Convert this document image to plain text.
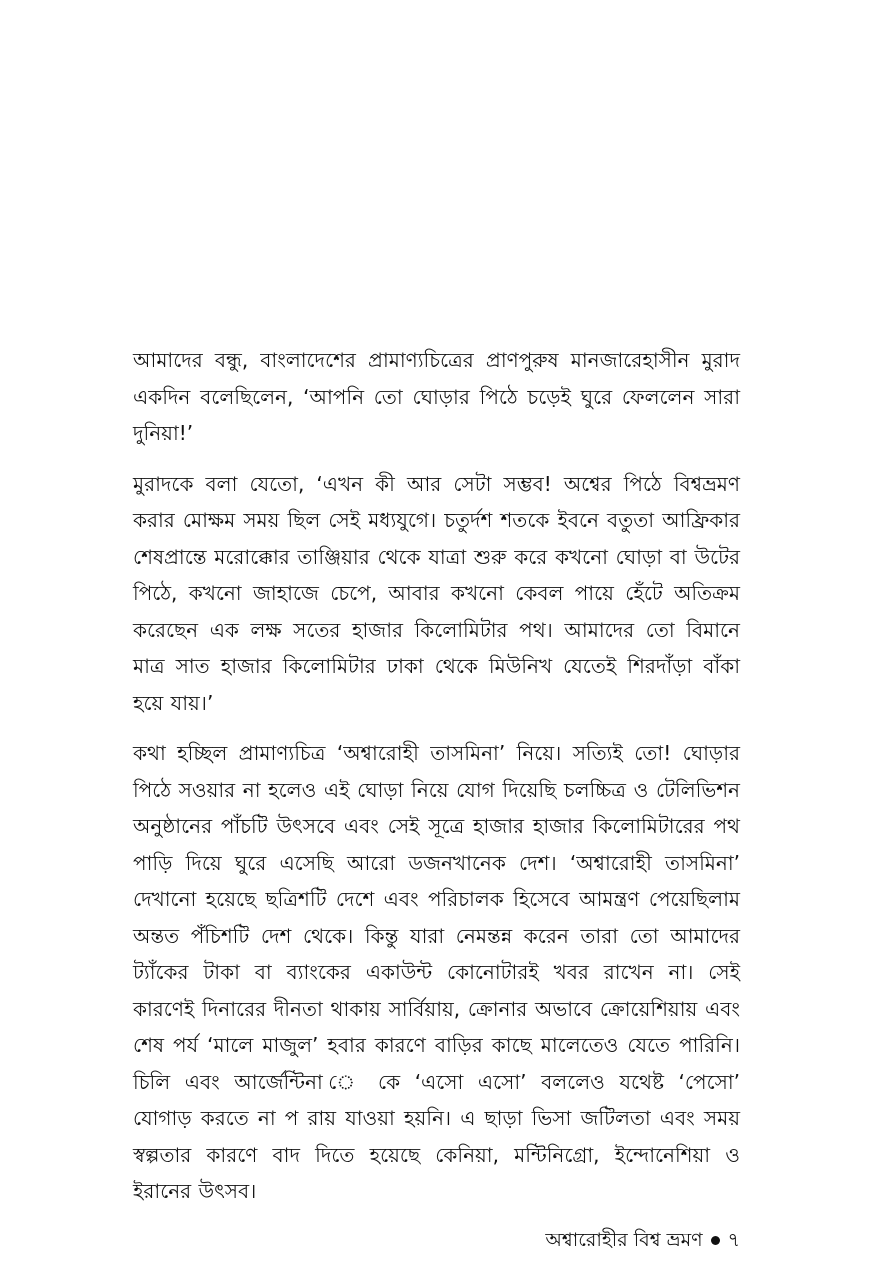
আমাদের বন্ধু, বাংলাদেশের প্রামাণ্যচিত্রের প্রাণপুরুষ মানজারেহাসীন মুরাদ একদিন বলেছিলেন, ‘আপনি তো ঘোড়ার পিঠে চড়েই ঘুরে ফেললেন সারা দুনিয়া!’

মুরাদকে বলা যেতো, ‘এখন কী আর সেটা সম্ভব! অশ্বের পিঠে বিশ্বভ্রমণ করার মোক্ষম সময় ছিল সেই মধ্যযুগে। চতুর্দশ শতকে ইবনে বতুতা আফ্রিকার শেষপ্রান্তে মরোক্কোর তাঞ্জিয়ার থেকে যাত্রা শুরু করে কখনো ঘোড়া বা উটের পিঠে, কখনো জাহাজে চেপে, আবার কখনো কেবল পায়ে হেঁটে অতিক্রম করেছেন এক লক্ষ সতের হাজার কিলোমিটার পথ। আমাদের তো বিমানে মাত্র সাত হাজার কিলোমিটার ঢাকা থেকে মিউনিখ যেতেই শিরদাঁড়া বাঁকা হয়ে যায়।’

কথা হচ্ছিল প্রামাণ্যচিত্র ‘অশ্বারোহী তাসমিনা’ নিয়ে। সত্যিই তো! ঘোড়ার পিঠে সওয়ার না হলেও এই ঘোড়া নিয়ে যোগ দিয়েছি চলচ্চিত্র ও টেলিভিশন অনুষ্ঠানের পাঁচটি উৎসবে এবং সেই সূত্রে হাজার হাজার কিলোমিটারের পথ পাড়ি দিয়ে ঘুরে এসেছি আরো ডজনখানেক দেশ। ‘অশ্বারোহী তাসমিনা’ দেখানো হয়েছে ছত্রিশটি দেশে এবং পরিচালক হিসেবে আমন্ত্রণ পেয়েছিলাম অন্তত পঁচিশটি দেশ থেকে। কিন্তু যারা নেমন্তন্ন করেন তারা তো আমাদের ট্যাঁকের টাকা বা ব্যাংকের একাউন্ট কোনোটারই খবর রাখেন না। সেই কারণেই দিনারের দীনতা থাকায় সার্বিয়ায়, ক্রোনার অভাবে ক্রোয়েশিয়ায় এবং শেষ পর্য ‘মালে মাজুল’ হবার কারণে বাড়ির কাছে মালেতেও যেতে পারিনি। চিলি এবং আর্জেন্টিনা ে কে ‘এসো এসো’ বললেও যথেষ্ট ‘পেসো’ যোগাড় করতে না প রায় যাওয়া হয়নি। এ ছাড়া ভিসা জটিলতা এবং সময় স্বল্পতার কারণে বাদ দিতে হয়েছে কেনিয়া, মন্টিনিগ্রো, ইন্দোনেশিয়া ও ইরানের উৎসব।

অশ্বারোহীর বিশ্ব ভ্রমণ ৭
